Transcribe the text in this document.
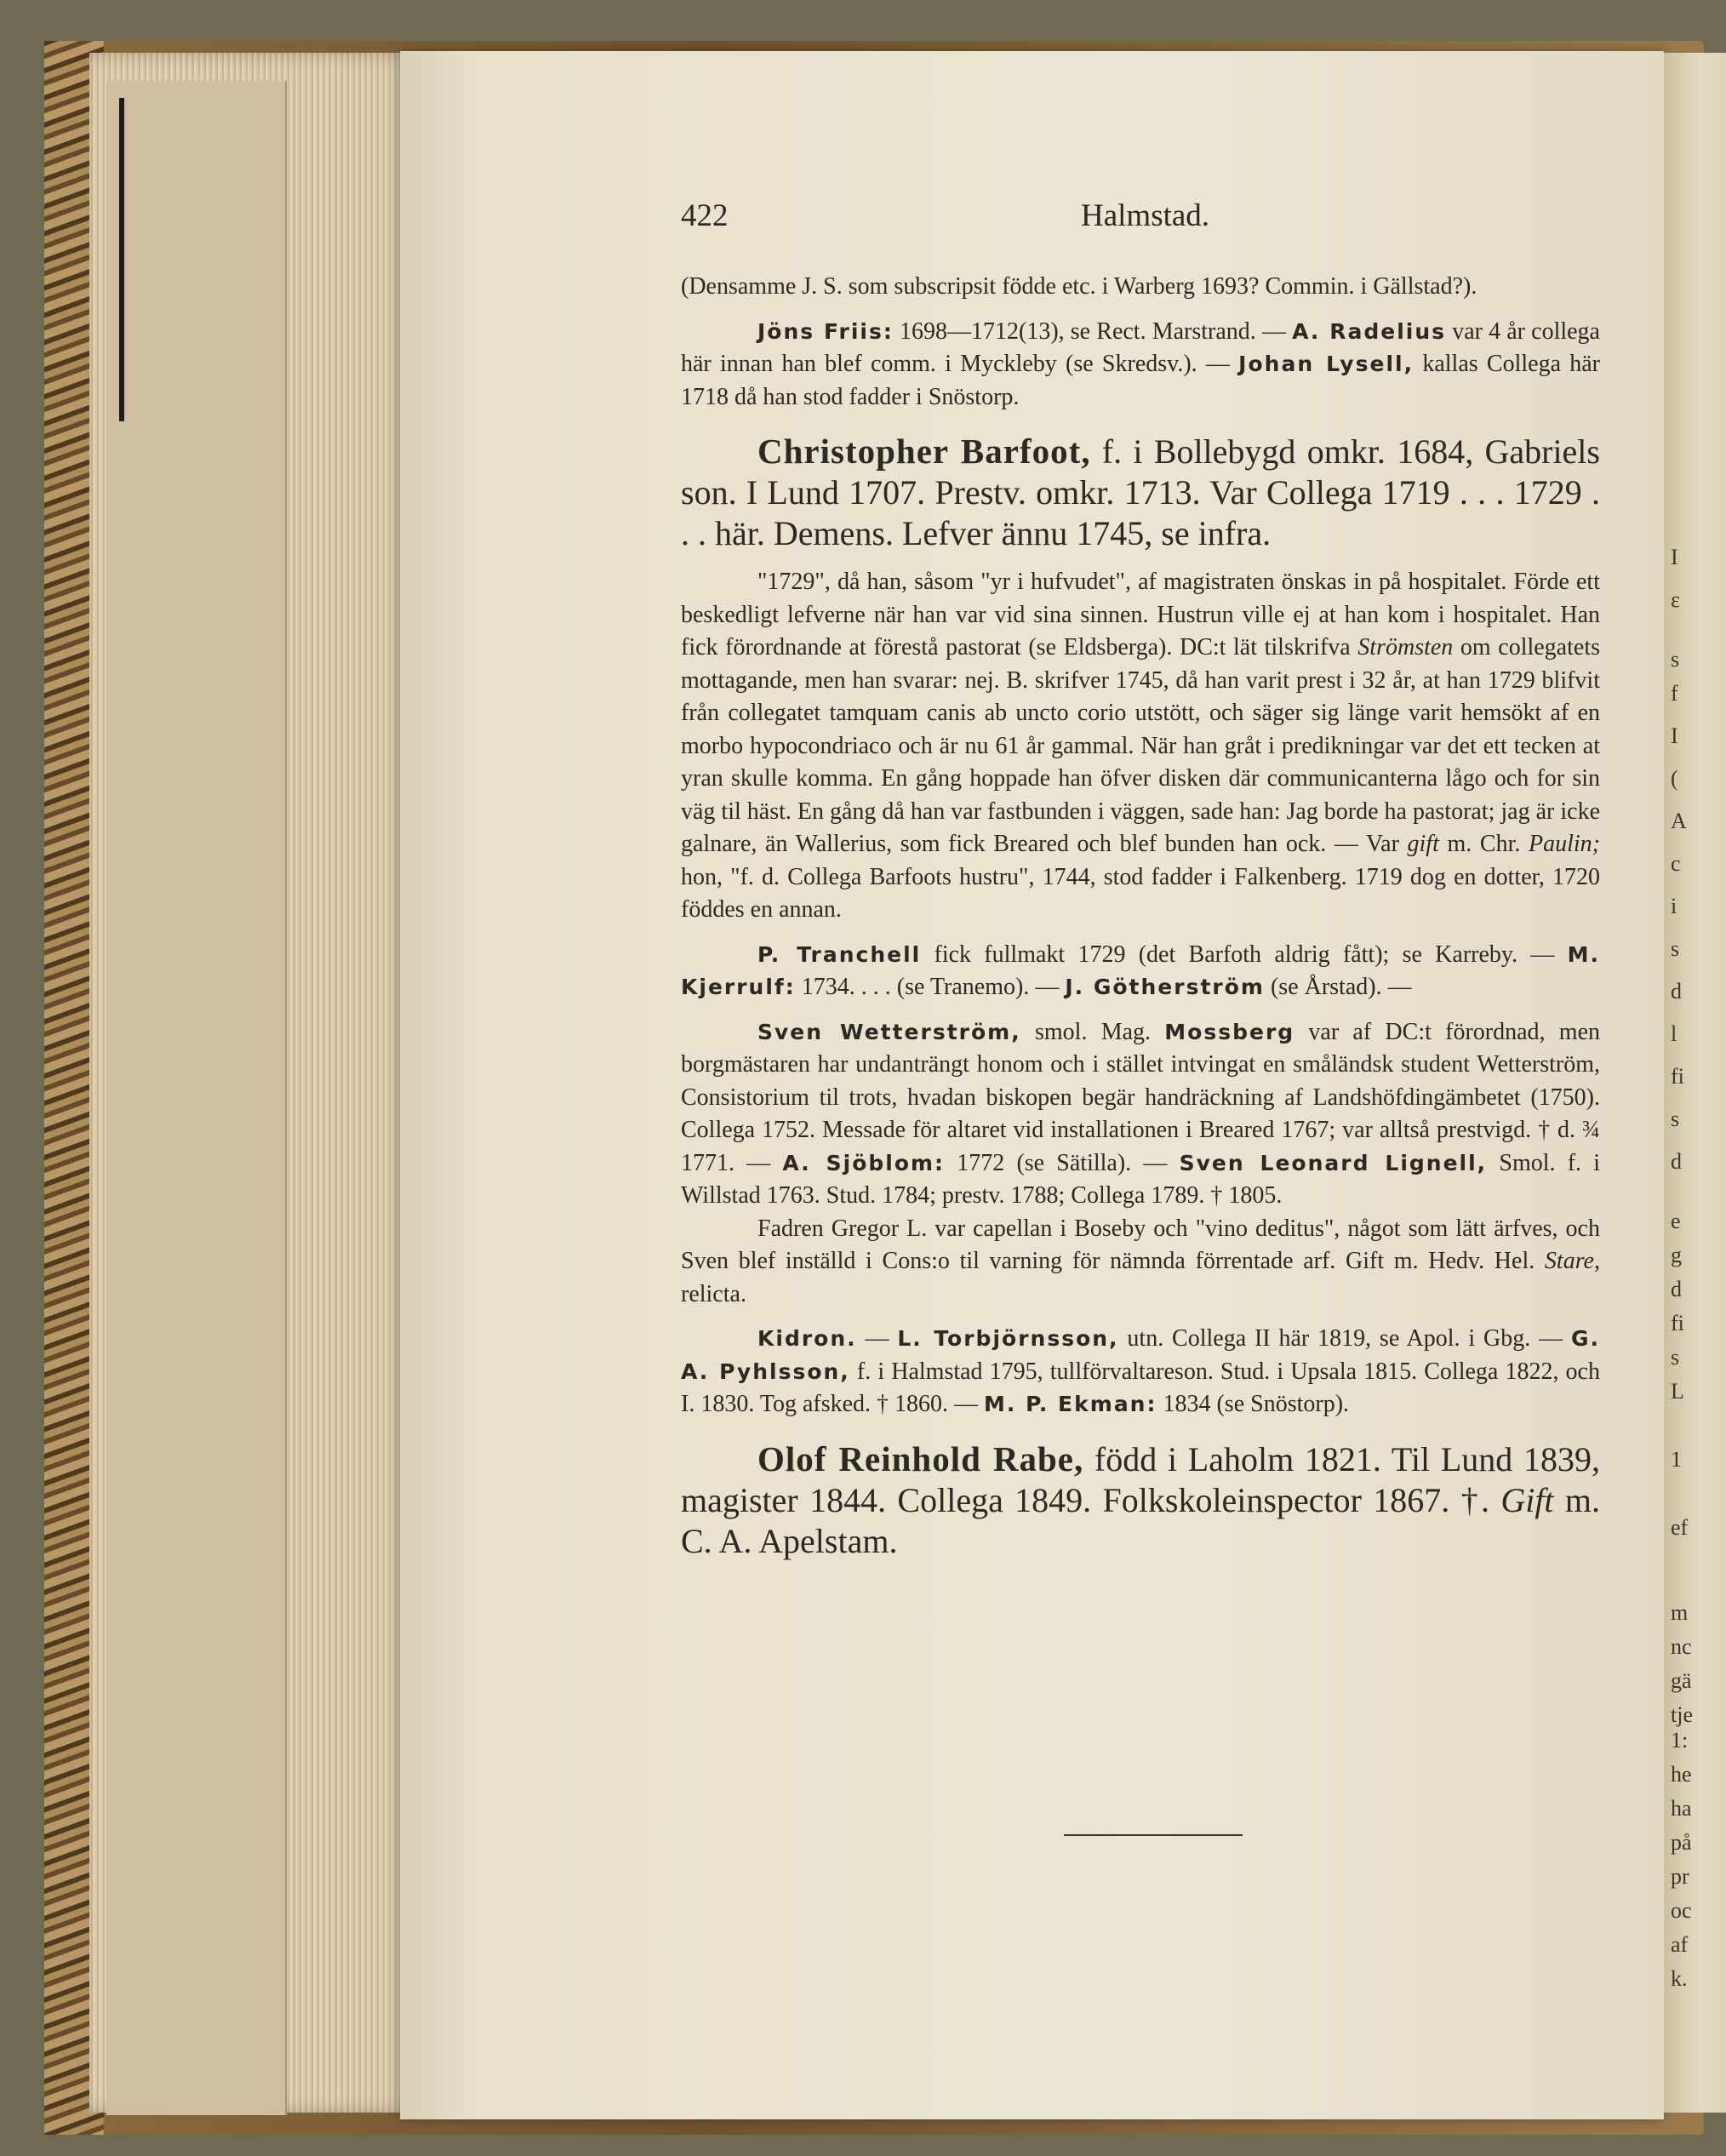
I
ε
s
f
I
(
A
c
i
s
d
l
fi
s
d
e
g
d
fi
s
L
1
ef
m
nc
gä
tje
1:
he
ha
på
pr
oc
af
k.
422	Halmstad.

(Densamme J. S. som subscripsit födde etc. i Warberg 1693? Commin. i Gällstad?).

Jöns Friis: 1698—1712(13), se Rect. Marstrand. — A. Radelius var 4 år collega här innan han blef comm. i Myckleby (se Skredsv.). — Johan Lysell, kallas Collega här 1718 då han stod fadder i Snöstorp.

Christopher Barfoot, f. i Bollebygd omkr. 1684, Gabriels son. I Lund 1707. Prestv. omkr. 1713. Var Collega 1719 . . . 1729 . . . här. Demens. Lefver ännu 1745, se infra.

"1729", då han, såsom "yr i hufvudet", af magistraten önskas in på hospitalet. Förde ett beskedligt lefverne när han var vid sina sinnen. Hustrun ville ej at han kom i hospitalet. Han fick förordnande at förestå pastorat (se Eldsberga). DC:t lät tilskrifva Strömsten om collegatets mottagande, men han svarar: nej. B. skrifver 1745, då han varit prest i 32 år, at han 1729 blifvit från collegatet tamquam canis ab uncto corio utstött, och säger sig länge varit hemsökt af en morbo hypocondriaco och är nu 61 år gammal. När han gråt i predikningar var det ett tecken at yran skulle komma. En gång hoppade han öfver disken där communicanterna lågo och for sin väg til häst. En gång då han var fastbunden i väggen, sade han: Jag borde ha pastorat; jag är icke galnare, än Wallerius, som fick Breared och blef bunden han ock. — Var gift m. Chr. Paulin; hon, "f. d. Collega Barfoots hustru", 1744, stod fadder i Falkenberg. 1719 dog en dotter, 1720 föddes en annan.

P. Tranchell fick fullmakt 1729 (det Barfoth aldrig fått); se Karreby. — M. Kjerrulf: 1734. . . . (se Tranemo). — J. Götherström (se Årstad). —

Sven Wetterström, smol. Mag. Mossberg var af DC:t förordnad, men borgmästaren har undanträngt honom och i stället intvingat en småländsk student Wetterström, Consistorium til trots, hvadan biskopen begär handräckning af Landshöfdingämbetet (1750). Collega 1752. Messade för altaret vid installationen i Breared 1767; var alltså prestvigd. † d. ¾ 1771. — A. Sjöblom: 1772 (se Sätilla). — Sven Leonard Lignell, Smol. f. i Willstad 1763. Stud. 1784; prestv. 1788; Collega 1789. † 1805.

Fadren Gregor L. var capellan i Boseby och "vino deditus", något som lätt ärfves, och Sven blef inställd i Cons:o til varning för nämnda förrentade arf. Gift m. Hedv. Hel. Stare, relicta.

Kidron. — L. Torbjörnsson, utn. Collega II här 1819, se Apol. i Gbg. — G. A. Pyhlsson, f. i Halmstad 1795, tullförvaltareson. Stud. i Upsala 1815. Collega 1822, och I. 1830. Tog afsked. † 1860. — M. P. Ekman: 1834 (se Snöstorp).

Olof Reinhold Rabe, född i Laholm 1821. Til Lund 1839, magister 1844. Collega 1849. Folkskoleinspector 1867. †. Gift m. C. A. Apelstam.
